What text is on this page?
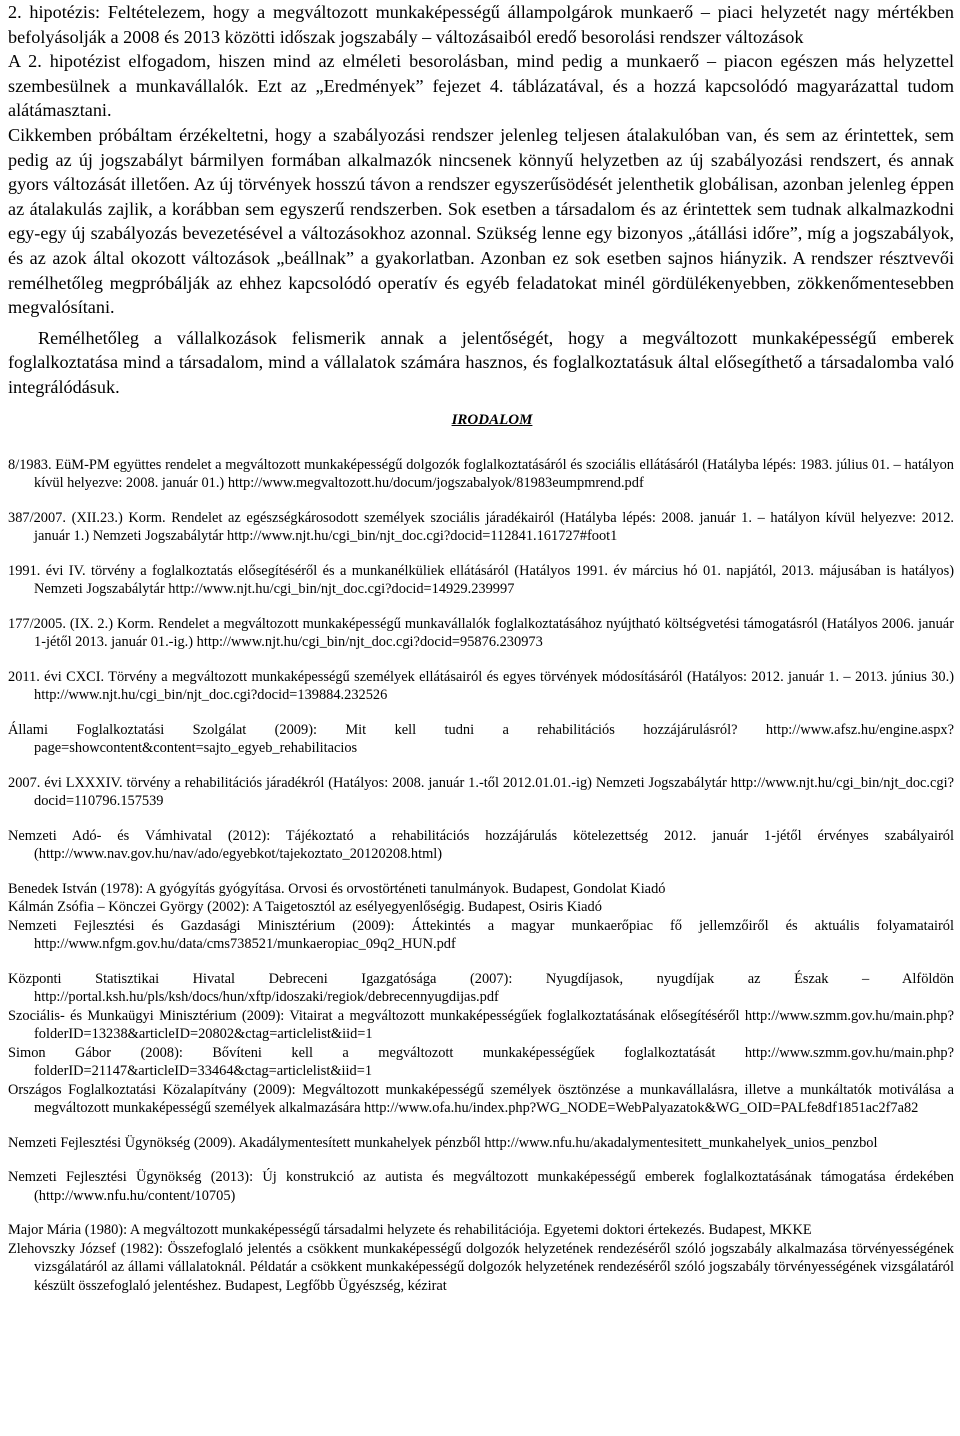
2. hipotézis: Feltételezem, hogy a megváltozott munkaképességű állampolgárok munkaerő – piaci helyzetét nagy mértékben befolyásolják a 2008 és 2013 közötti időszak jogszabály – változásaiból eredő besorolási rendszer változások

A 2. hipotézist elfogadom, hiszen mind az elméleti besorolásban, mind pedig a munkaerő – piacon egészen más helyzettel szembesülnek a munkavállalók. Ezt az „Eredmények” fejezet 4. táblázatával, és a hozzá kapcsolódó magyarázattal tudom alátámasztani.

Cikkemben próbáltam érzékeltetni, hogy a szabályozási rendszer jelenleg teljesen átalakulóban van, és sem az érintettek, sem pedig az új jogszabályt bármilyen formában alkalmazók nincsenek könnyű helyzetben az új szabályozási rendszert, és annak gyors változását illetően. Az új törvények hosszú távon a rendszer egyszerűsödését jelenthetik globálisan, azonban jelenleg éppen az átalakulás zajlik, a korábban sem egyszerű rendszerben. Sok esetben a társadalom és az érintettek sem tudnak alkalmazkodni egy-egy új szabályozás bevezetésével a változásokhoz azonnal. Szükség lenne egy bizonyos „átállási időre”, míg a jogszabályok, és az azok által okozott változások „beállnak” a gyakorlatban. Azonban ez sok esetben sajnos hiányzik. A rendszer résztvevői remélhetőleg megpróbálják az ehhez kapcsolódó operatív és egyéb feladatokat minél gördülékenyebben, zökkenőmentesebben megvalósítani.

Remélhetőleg a vállalkozások felismerik annak a jelentőségét, hogy a megváltozott munkaképességű emberek foglalkoztatása mind a társadalom, mind a vállalatok számára hasznos, és foglalkoztatásuk által elősegíthető a társadalomba való integrálódásuk.

IRODALOM

8/1983. EüM-PM együttes rendelet a megváltozott munkaképességű dolgozók foglalkoztatásáról és szociális ellátásáról (Hatályba lépés: 1983. július 01. – hatályon kívül helyezve: 2008. január 01.) http://www.megvaltozott.hu/docum/jogszabalyok/81983eumpmrend.pdf

387/2007. (XII.23.) Korm. Rendelet az egészségkárosodott személyek szociális járadékairól (Hatályba lépés: 2008. január 1. – hatályon kívül helyezve: 2012. január 1.) Nemzeti Jogszabálytár http://www.njt.hu/cgi_bin/njt_doc.cgi?docid=112841.161727#foot1

1991. évi IV. törvény a foglalkoztatás elősegítéséről és a munkanélküliek ellátásáról (Hatályos 1991. év március hó 01. napjától, 2013. májusában is hatályos) Nemzeti Jogszabálytár http://www.njt.hu/cgi_bin/njt_doc.cgi?docid=14929.239997

177/2005. (IX. 2.) Korm. Rendelet a megváltozott munkaképességű munkavállalók foglalkoztatásához nyújtható költségvetési támogatásról (Hatályos 2006. január 1-jétől 2013. január 01.-ig.) http://www.njt.hu/cgi_bin/njt_doc.cgi?docid=95876.230973

2011. évi CXCI. Törvény a megváltozott munkaképességű személyek ellátásairól és egyes törvények módosításáról (Hatályos: 2012. január 1. – 2013. június 30.) http://www.njt.hu/cgi_bin/njt_doc.cgi?docid=139884.232526

Állami Foglalkoztatási Szolgálat (2009): Mit kell tudni a rehabilitációs hozzájárulásról? http://www.afsz.hu/engine.aspx?page=showcontent&content=sajto_egyeb_rehabilitacios

2007. évi LXXXIV. törvény a rehabilitációs járadékról (Hatályos: 2008. január 1.-től 2012.01.01.-ig) Nemzeti Jogszabálytár http://www.njt.hu/cgi_bin/njt_doc.cgi?docid=110796.157539

Nemzeti Adó- és Vámhivatal (2012): Tájékoztató a rehabilitációs hozzájárulás kötelezettség 2012. január 1-jétől érvényes szabályairól (http://www.nav.gov.hu/nav/ado/egyebkot/tajekoztato_20120208.html)

Benedek István (1978): A gyógyítás gyógyítása. Orvosi és orvostörténeti tanulmányok. Budapest, Gondolat Kiadó

Kálmán Zsófia – Könczei György (2002): A Taigetosztól az esélyegyenlőségig. Budapest, Osiris Kiadó

Nemzeti Fejlesztési és Gazdasági Minisztérium (2009): Áttekintés a magyar munkaerőpiac fő jellemzőiről és aktuális folyamatairól http://www.nfgm.gov.hu/data/cms738521/munkaeropiac_09q2_HUN.pdf

Központi Statisztikai Hivatal Debreceni Igazgatósága (2007): Nyugdíjasok, nyugdíjak az Észak – Alföldön http://portal.ksh.hu/pls/ksh/docs/hun/xftp/idoszaki/regiok/debrecennyugdijas.pdf

Szociális- és Munkaügyi Minisztérium (2009): Vitairat a megváltozott munkaképességűek foglalkoztatásának elősegítéséről http://www.szmm.gov.hu/main.php?folderID=13238&articleID=20802&ctag=articlelist&iid=1

Simon Gábor (2008): Bővíteni kell a megváltozott munkaképességűek foglalkoztatását http://www.szmm.gov.hu/main.php?folderID=21147&articleID=33464&ctag=articlelist&iid=1

Országos Foglalkoztatási Közalapítvány (2009): Megváltozott munkaképességű személyek ösztönzése a munkavállalásra, illetve a munkáltatók motiválása a megváltozott munkaképességű személyek alkalmazására http://www.ofa.hu/index.php?WG_NODE=WebPalyazatok&WG_OID=PALfe8df1851ac2f7a82

Nemzeti Fejlesztési Ügynökség (2009). Akadálymentesített munkahelyek pénzből http://www.nfu.hu/akadalymentesitett_munkahelyek_unios_penzbol

Nemzeti Fejlesztési Ügynökség (2013): Új konstrukció az autista és megváltozott munkaképességű emberek foglalkoztatásának támogatása érdekében (http://www.nfu.hu/content/10705)

Major Mária (1980): A megváltozott munkaképességű társadalmi helyzete és rehabilitációja. Egyetemi doktori értekezés. Budapest, MKKE

Zlehovszky József (1982): Összefoglaló jelentés a csökkent munkaképességű dolgozók helyzetének rendezéséről szóló jogszabály alkalmazása törvényességének vizsgálatáról az állami vállalatoknál. Példatár a csökkent munkaképességű dolgozók helyzetének rendezéséről szóló jogszabály törvényességének vizsgálatáról készült összefoglaló jelentéshez. Budapest, Legfőbb Ügyészség, kézirat
